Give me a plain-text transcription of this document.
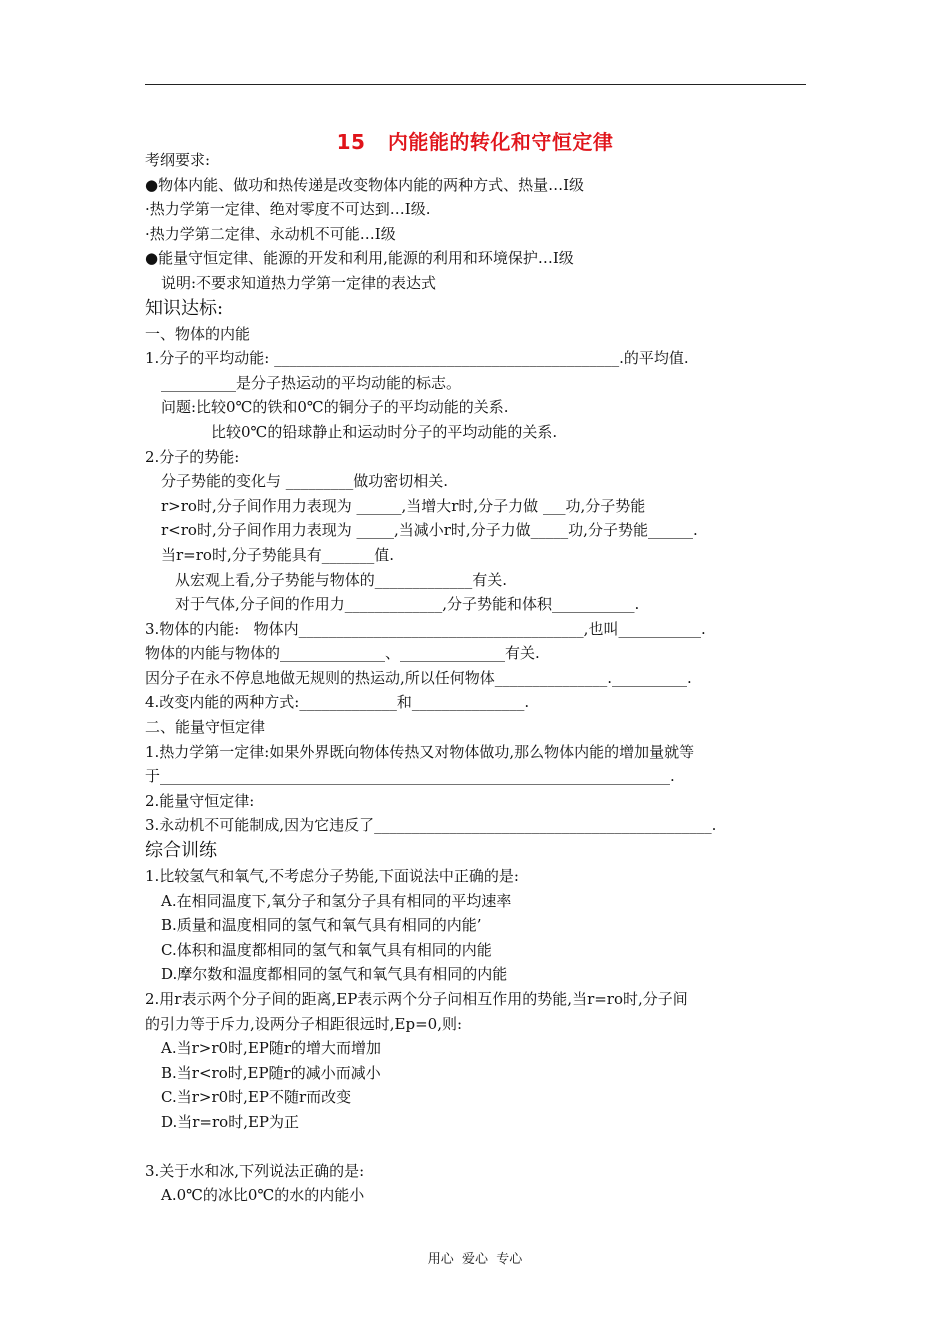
15   内能能的转化和守恒定律
考纲要求:
●物体内能、做功和热传递是改变物体内能的两种方式、热量…I级
·热力学第一定律、绝对零度不可达到…I级.
·热力学第二定律、永动机不可能…I级
●能量守恒定律、能源的开发和利用,能源的利用和环境保护…I级
说明:不要求知道热力学第一定律的表达式
知识达标:
一、物体的内能
1.分子的平均动能: ______________________________________________.的平均值.
__________是分子热运动的平均动能的标志。
问题:比较0℃的铁和0℃的铜分子的平均动能的关系.
比较0℃的铅球静止和运动时分子的平均动能的关系.
2.分子的势能:
分子势能的变化与 _________做功密切相关.
r>ro时,分子间作用力表现为 ______,当增大r时,分子力做 ___功,分子势能
r<ro时,分子间作用力表现为 _____,当减小r时,分子力做_____功,分子势能______.
当r=ro时,分子势能具有_______值.
从宏观上看,分子势能与物体的_____________有关.
对于气体,分子间的作用力_____________,分子势能和体积___________.
3.物体的内能:   物体内______________________________________,也叫___________.
物体的内能与物体的______________、______________有关.
因分子在永不停息地做无规则的热运动,所以任何物体_______________.__________.
4.改变内能的两种方式:_____________和_______________.
二、能量守恒定律
1.热力学第一定律:如果外界既向物体传热又对物体做功,那么物体内能的增加量就等
于____________________________________________________________________.
2.能量守恒定律:
3.永动机不可能制成,因为它违反了_____________________________________________.
综合训练
1.比较氢气和氧气,不考虑分子势能,下面说法中正确的是:
A.在相同温度下,氧分子和氢分子具有相同的平均速率
B.质量和温度相同的氢气和氧气具有相同的内能’
C.体积和温度都相同的氢气和氧气具有相同的内能
D.摩尔数和温度都相同的氢气和氧气具有相同的内能
2.用r表示两个分子间的距离,EP表示两个分子问相互作用的势能,当r=ro时,分子间
的引力等于斥力,设两分子相距很远时,Ep=0,则:
A.当r>r0时,EP随r的增大而增加
B.当r<ro时,EP随r的减小而减小
C.当r>r0时,EP不随r而改变
D.当r=ro时,EP为正
3.关于水和冰,下列说法正确的是:
A.0℃的冰比0℃的水的内能小
用心  爱心  专心
